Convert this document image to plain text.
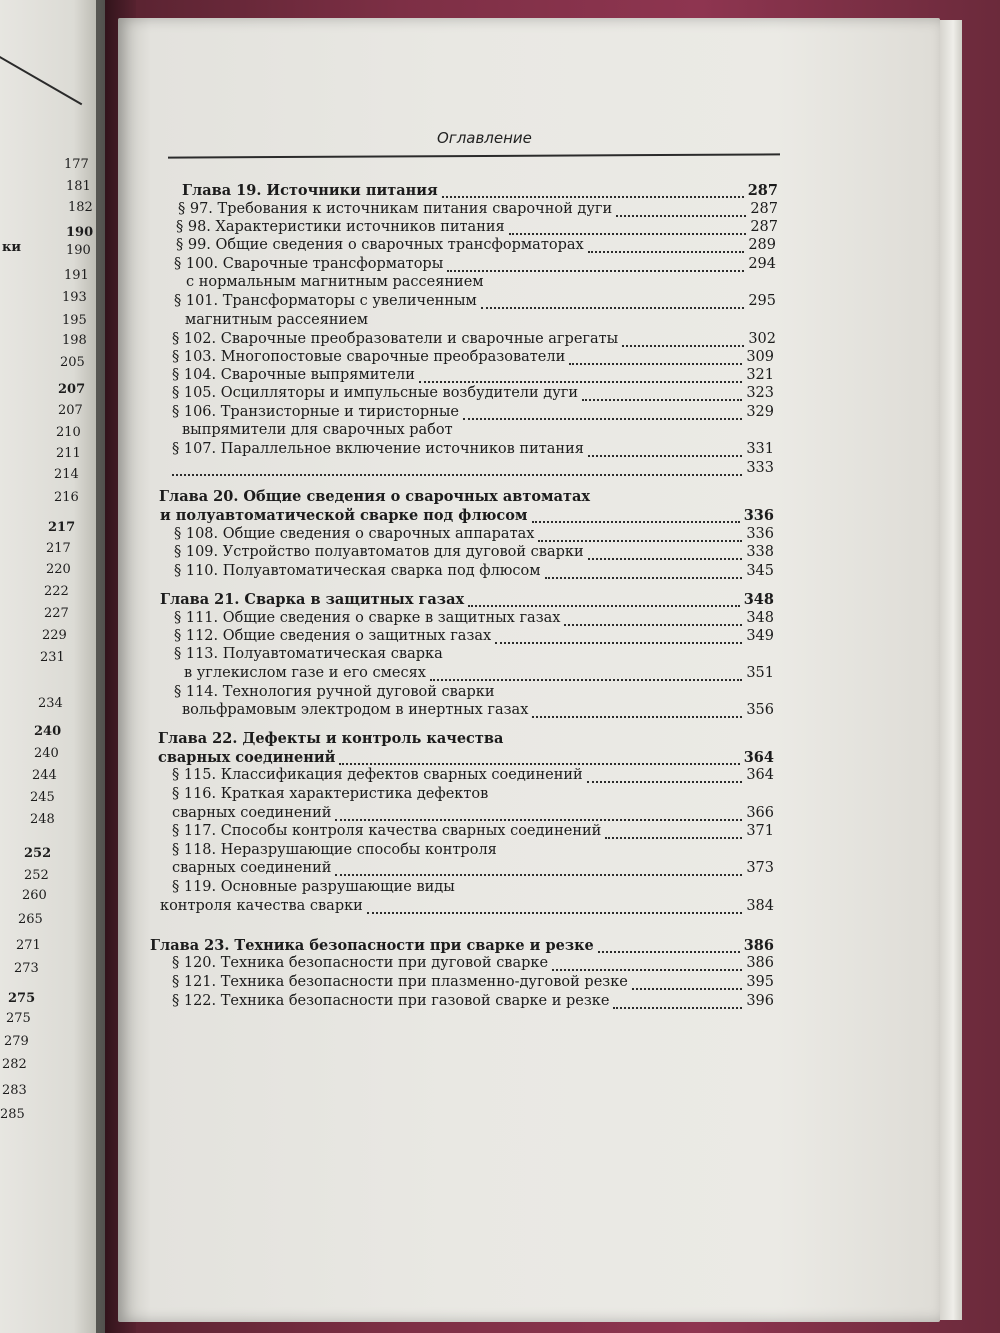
177
181
182
190
190
191
193
195
198
205
207
207
210
211
214
216
217
217
220
222
227
229
231
234
240
240
244
245
248
252
252
260
265
271
273
275
275
279
282
283
285
ки
Оглавление
Глава 19. Источники питания	287
§ 97. Требования к источникам питания сварочной дуги	287
§ 98. Характеристики источников питания	287
§ 99. Общие сведения о сварочных трансформаторах	289
§ 100. Сварочные трансформаторы	294
с нормальным магнитным рассеянием
§ 101. Трансформаторы с увеличенным	295
магнитным рассеянием
§ 102. Сварочные преобразователи и сварочные агрегаты	302
§ 103. Многопостовые сварочные преобразователи	309
§ 104. Сварочные выпрямители	321
§ 105. Осцилляторы и импульсные возбудители дуги	323
§ 106. Транзисторные и тиристорные	329
выпрямители для сварочных работ
§ 107. Параллельное включение источников питания	331
333
Глава 20. Общие сведения о сварочных автоматах
и полуавтоматической сварке под флюсом	336
§ 108. Общие сведения о сварочных аппаратах	336
§ 109. Устройство полуавтоматов для дуговой сварки	338
§ 110. Полуавтоматическая сварка под флюсом	345
Глава 21. Сварка в защитных газах	348
§ 111. Общие сведения о сварке в защитных газах	348
§ 112. Общие сведения о защитных газах	349
§ 113. Полуавтоматическая сварка
в углекислом газе и его смесях	351
§ 114. Технология ручной дуговой сварки
вольфрамовым электродом в инертных газах	356
Глава 22. Дефекты и контроль качества
сварных соединений	364
§ 115. Классификация дефектов сварных соединений	364
§ 116. Краткая характеристика дефектов
сварных соединений	366
§ 117. Способы контроля качества сварных соединений	371
§ 118. Неразрушающие способы контроля
сварных соединений	373
§ 119. Основные разрушающие виды
контроля качества сварки	384
Глава 23. Техника безопасности при сварке и резке	386
§ 120. Техника безопасности при дуговой сварке	386
§ 121. Техника безопасности при плазменно-дуговой резке	395
§ 122. Техника безопасности при газовой сварке и резке	396
